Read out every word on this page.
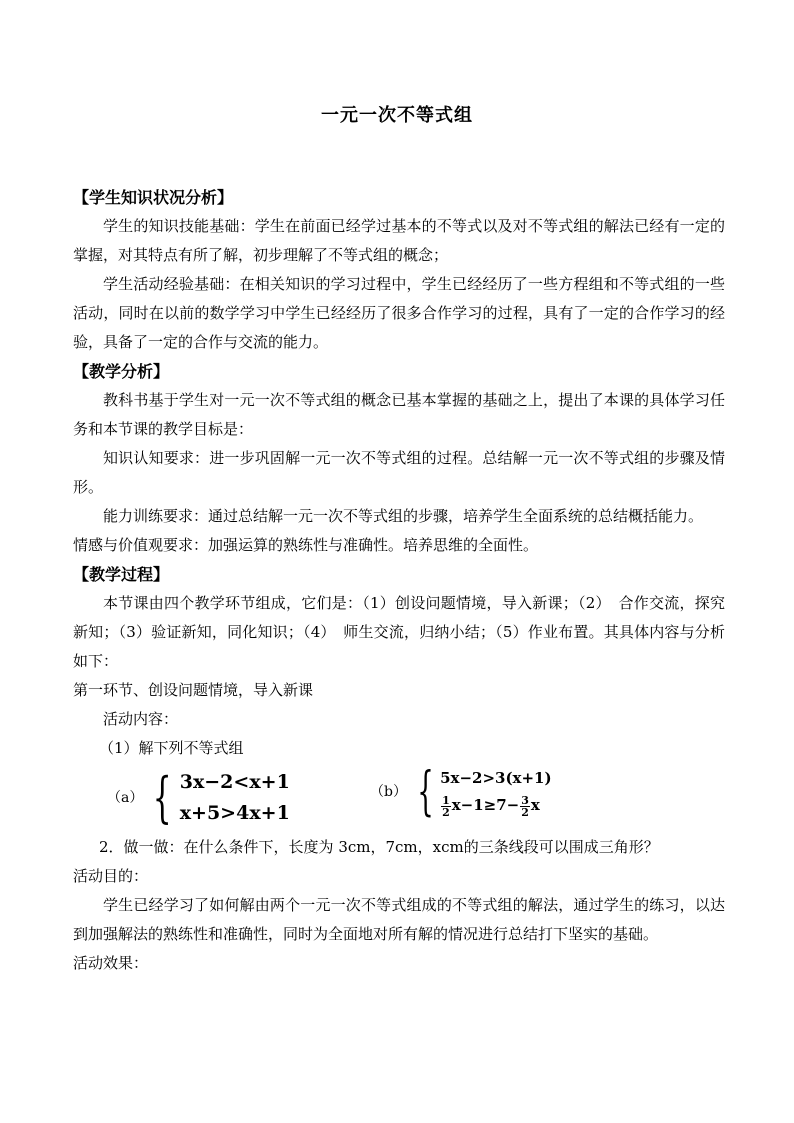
一元一次不等式组

【学生知识状况分析】

学生的知识技能基础：学生在前面已经学过基本的不等式以及对不等式组的解法已经有一定的掌握，对其特点有所了解，初步理解了不等式组的概念；

学生活动经验基础：在相关知识的学习过程中，学生已经经历了一些方程组和不等式组的一些活动，同时在以前的数学学习中学生已经经历了很多合作学习的过程，具有了一定的合作学习的经验，具备了一定的合作与交流的能力。

【教学分析】

教科书基于学生对一元一次不等式组的概念已基本掌握的基础之上，提出了本课的具体学习任务和本节课的教学目标是：

知识认知要求：进一步巩固解一元一次不等式组的过程。总结解一元一次不等式组的步骤及情形。

能力训练要求：通过总结解一元一次不等式组的步骤，培养学生全面系统的总结概括能力。

情感与价值观要求：加强运算的熟练性与准确性。培养思维的全面性。

【教学过程】

本节课由四个教学环节组成，它们是：（1）创设问题情境，导入新课；（2）　合作交流，探究新知；（3）验证新知，同化知识；（4）　师生交流，归纳小结；（5）作业布置。其具体内容与分析如下：

第一环节、创设问题情境，导入新课

活动内容：

（1）解下列不等式组

（a） { 3x−2<x+1
x+5>4x+1
（b） { 5x−2>3(x+1)
$\frac{1}{2} x-1\ge 7- \frac{3}{2}$ x

2．做一做：在什么条件下，长度为 3cm，7cm，xcm的三条线段可以围成三角形？

活动目的：

学生已经学习了如何解由两个一元一次不等式组成的不等式组的解法，通过学生的练习，以达到加强解法的熟练性和准确性，同时为全面地对所有解的情况进行总结打下坚实的基础。

活动效果：
